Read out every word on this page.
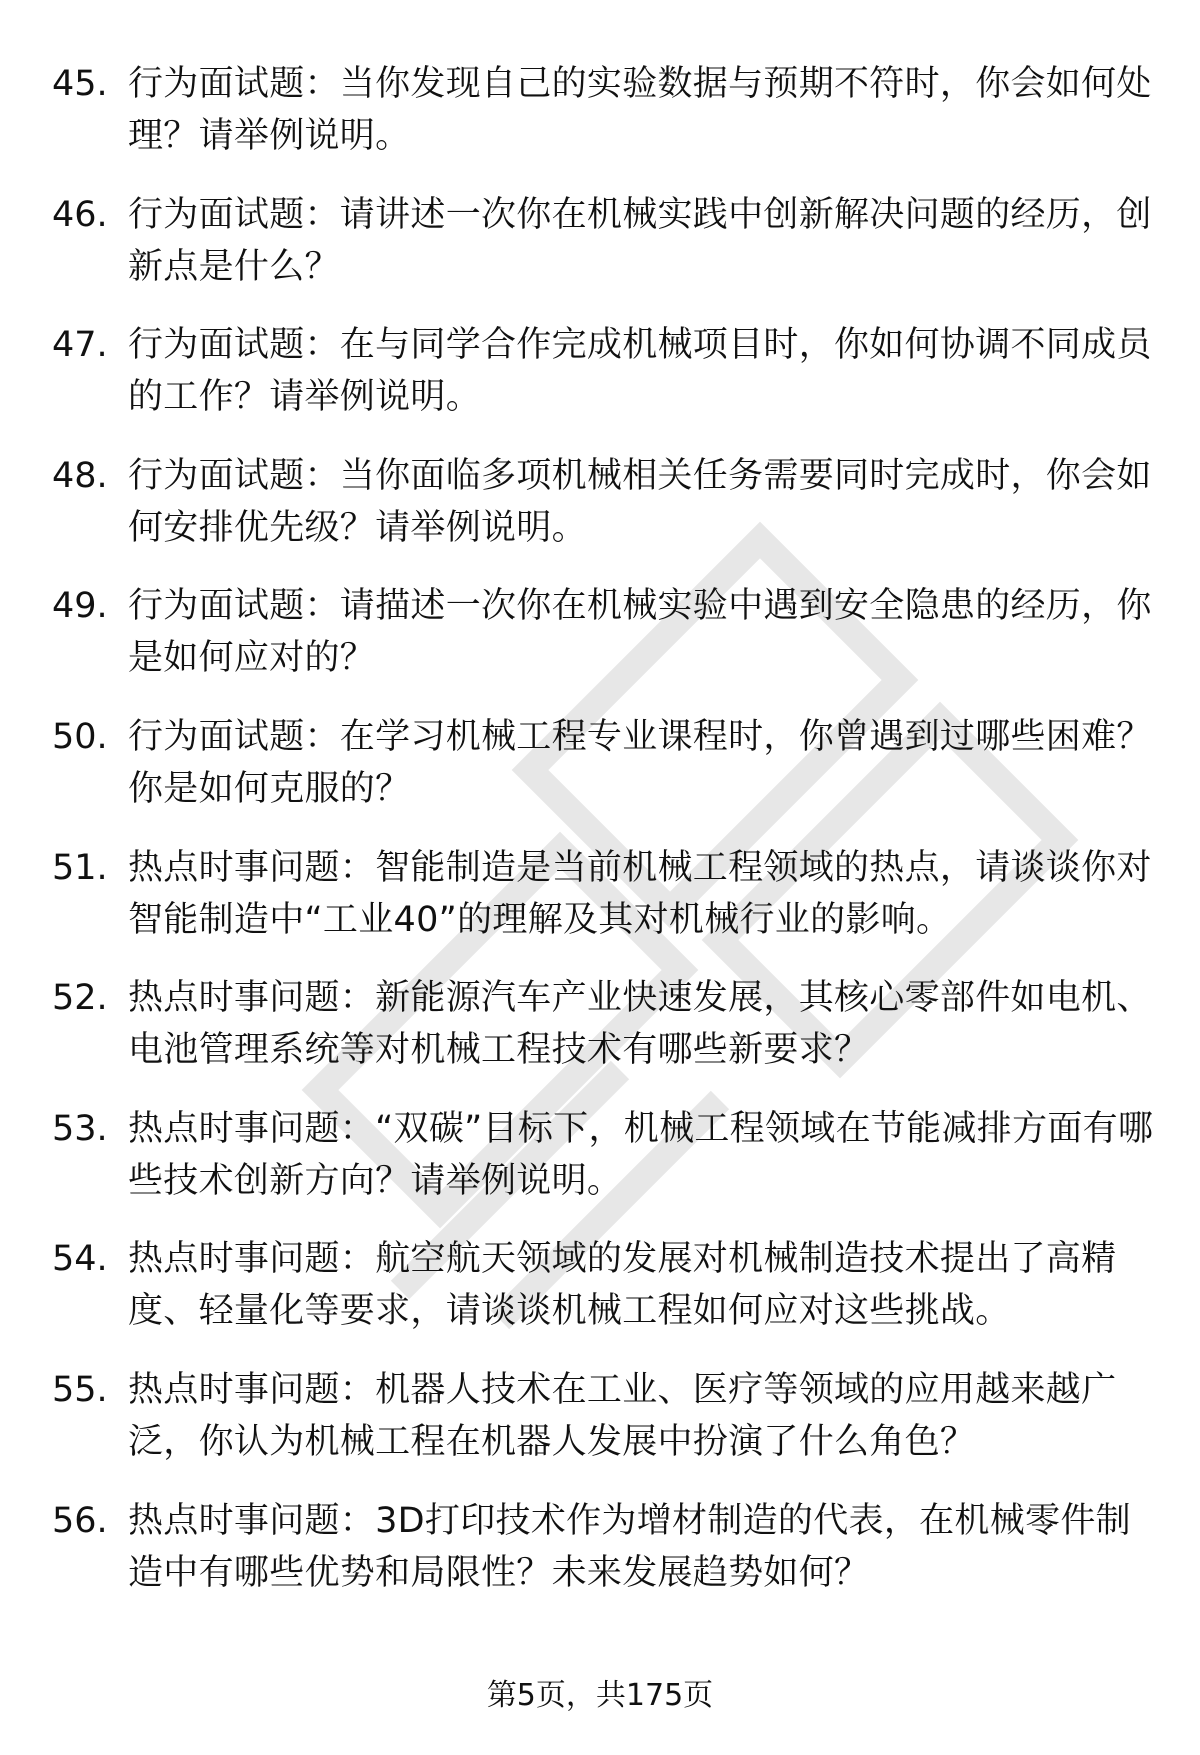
45. 行为面试题：当你发现自己的实验数据与预期不符时，你会如何处理？请举例说明。
46. 行为面试题：请讲述一次你在机械实践中创新解决问题的经历，创新点是什么？
47. 行为面试题：在与同学合作完成机械项目时，你如何协调不同成员的工作？请举例说明。
48. 行为面试题：当你面临多项机械相关任务需要同时完成时，你会如何安排优先级？请举例说明。
49. 行为面试题：请描述一次你在机械实验中遇到安全隐患的经历，你是如何应对的？
50. 行为面试题：在学习机械工程专业课程时，你曾遇到过哪些困难？你是如何克服的？
51. 热点时事问题：智能制造是当前机械工程领域的热点，请谈谈你对智能制造中“工业40”的理解及其对机械行业的影响。
52. 热点时事问题：新能源汽车产业快速发展，其核心零部件如电机、电池管理系统等对机械工程技术有哪些新要求？
53. 热点时事问题：“双碳”目标下，机械工程领域在节能减排方面有哪些技术创新方向？请举例说明。
54. 热点时事问题：航空航天领域的发展对机械制造技术提出了高精度、轻量化等要求，请谈谈机械工程如何应对这些挑战。
55. 热点时事问题：机器人技术在工业、医疗等领域的应用越来越广泛，你认为机械工程在机器人发展中扮演了什么角色？
56. 热点时事问题：3D打印技术作为增材制造的代表，在机械零件制造中有哪些优势和局限性？未来发展趋势如何？
第5页，共175页
